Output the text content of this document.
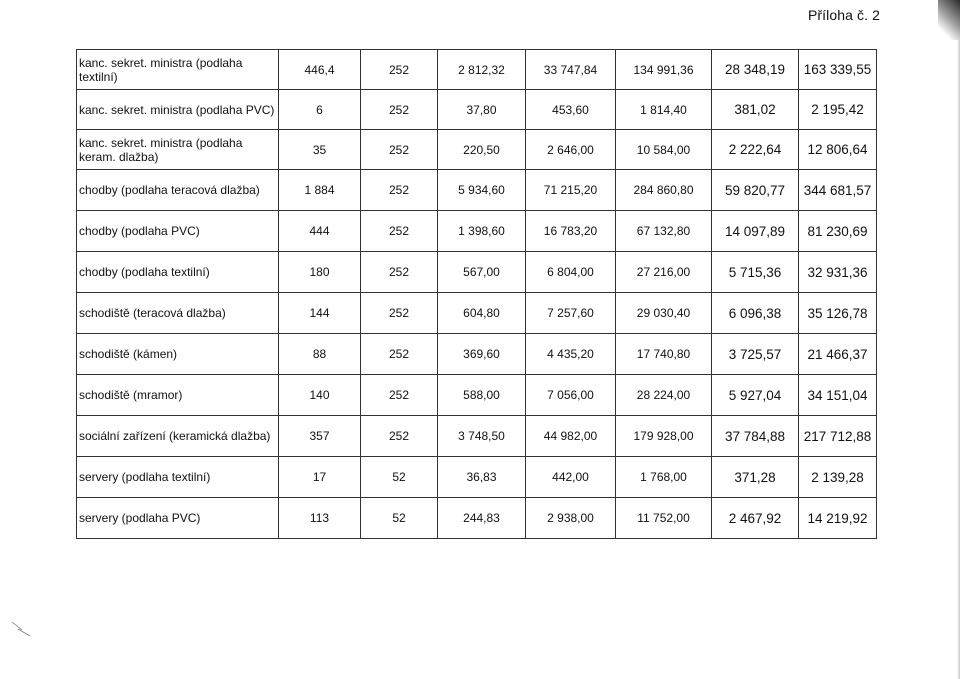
Příloha č. 2
kanc. sekret. ministra (podlaha textilní)	446,4	252	2 812,32	33 747,84	134 991,36	28 348,19	163 339,55
kanc. sekret. ministra (podlaha PVC)	6	252	37,80	453,60	1 814,40	381,02	2 195,42
kanc. sekret. ministra (podlaha keram. dlažba)	35	252	220,50	2 646,00	10 584,00	2 222,64	12 806,64
chodby (podlaha teracová dlažba)	1 884	252	5 934,60	71 215,20	284 860,80	59 820,77	344 681,57
chodby (podlaha PVC)	444	252	1 398,60	16 783,20	67 132,80	14 097,89	81 230,69
chodby (podlaha textilní)	180	252	567,00	6 804,00	27 216,00	5 715,36	32 931,36
schodiště (teracová dlažba)	144	252	604,80	7 257,60	29 030,40	6 096,38	35 126,78
schodiště (kámen)	88	252	369,60	4 435,20	17 740,80	3 725,57	21 466,37
schodiště (mramor)	140	252	588,00	7 056,00	28 224,00	5 927,04	34 151,04
sociální zařízení (keramická dlažba)	357	252	3 748,50	44 982,00	179 928,00	37 784,88	217 712,88
servery (podlaha textilní)	17	52	36,83	442,00	1 768,00	371,28	2 139,28
servery (podlaha PVC)	113	52	244,83	2 938,00	11 752,00	2 467,92	14 219,92
